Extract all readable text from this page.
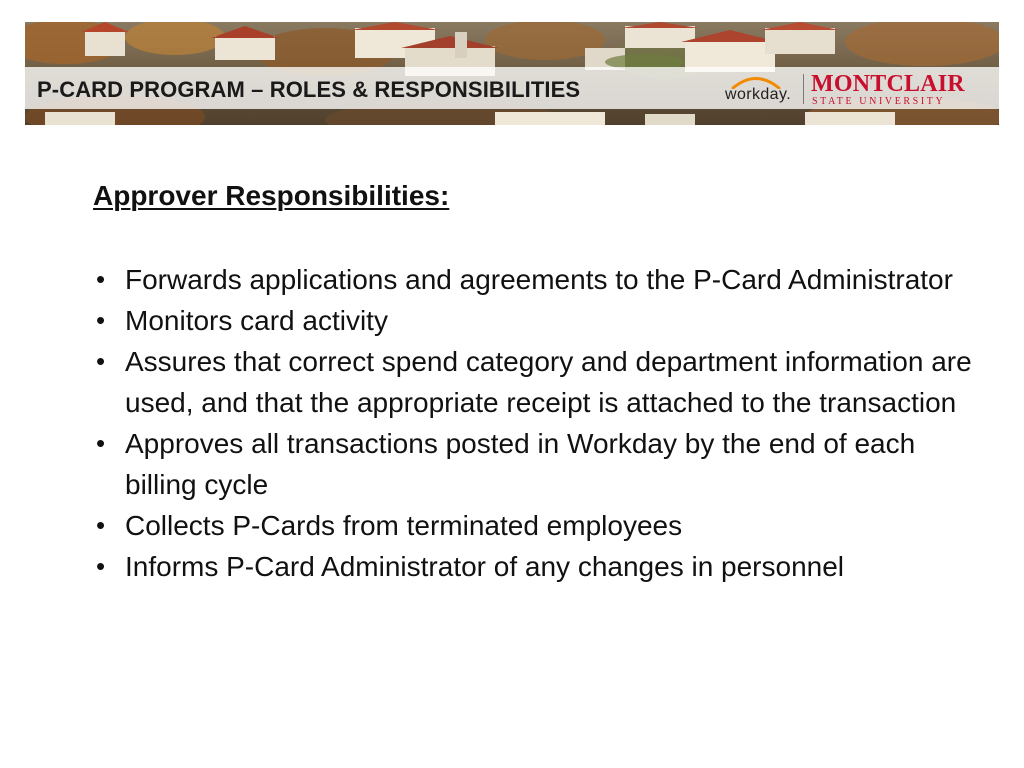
P-CARD PROGRAM – ROLES & RESPONSIBILITIES	workday. MONTCLAIR
STATE UNIVERSITY
Approver Responsibilities:
• Forwards applications and agreements to the P-Card Administrator
• Monitors card activity
• Assures that correct spend category and department information are used, and that the appropriate receipt is attached to the transaction
• Approves all transactions posted in Workday by the end of each billing cycle
• Collects P-Cards from terminated employees
• Informs P-Card Administrator of any changes in personnel
